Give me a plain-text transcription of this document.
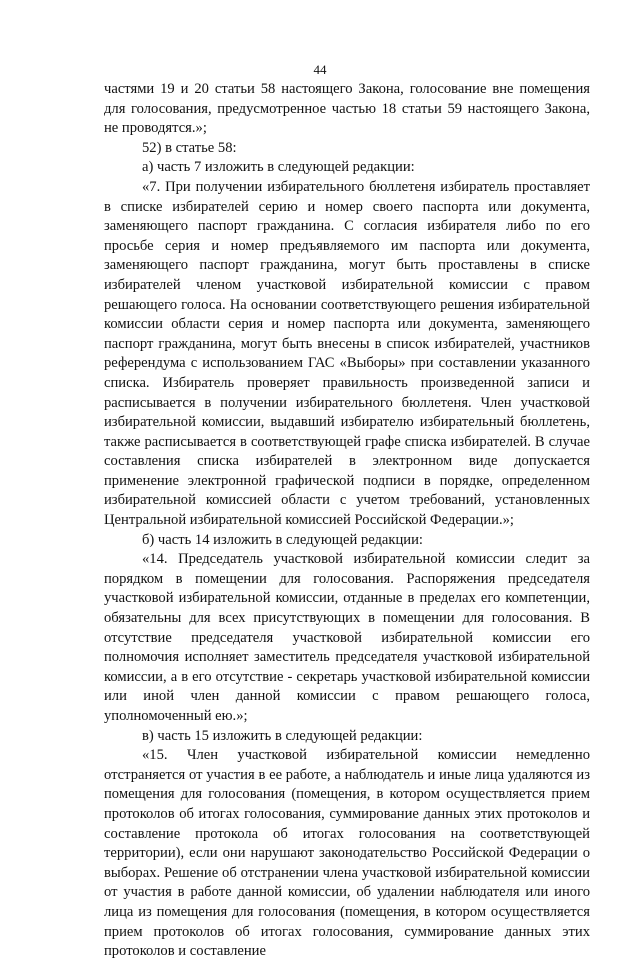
44

частями 19 и 20 статьи 58 настоящего Закона, голосование вне помещения для голосования, предусмотренное частью 18 статьи 59 настоящего Закона, не проводятся.»;

52) в статье 58:

а) часть 7 изложить в следующей редакции:

«7. При получении избирательного бюллетеня избиратель проставляет в списке избирателей серию и номер своего паспорта или документа, заменяющего паспорт гражданина. С согласия избирателя либо по его просьбе серия и номер предъявляемого им паспорта или документа, заменяющего паспорт гражданина, могут быть проставлены в списке избирателей членом участковой избирательной комиссии с правом решающего голоса. На основании соответствующего решения избирательной комиссии области серия и номер паспорта или документа, заменяющего паспорт гражданина, могут быть внесены в список избирателей, участников референдума с использованием ГАС «Выборы» при составлении указанного списка. Избиратель проверяет правильность произведенной записи и расписывается в получении избирательного бюллетеня. Член участковой избирательной комиссии, выдавший избирателю избирательный бюллетень, также расписывается в соответствующей графе списка избирателей. В случае составления списка избирателей в электронном виде допускается применение электронной графической подписи в порядке, определенном избирательной комиссией области с учетом требований, установленных Центральной избирательной комиссией Российской Федерации.»;

б) часть 14 изложить в следующей редакции:

«14. Председатель участковой избирательной комиссии следит за порядком в помещении для голосования. Распоряжения председателя участковой избирательной комиссии, отданные в пределах его компетенции, обязательны для всех присутствующих в помещении для голосования. В отсутствие председателя участковой избирательной комиссии его полномочия исполняет заместитель председателя участковой избирательной комиссии, а в его отсутствие - секретарь участковой избирательной комиссии или иной член данной комиссии с правом решающего голоса, уполномоченный ею.»;

в) часть 15 изложить в следующей редакции:

«15. Член участковой избирательной комиссии немедленно отстраняется от участия в ее работе, а наблюдатель и иные лица удаляются из помещения для голосования (помещения, в котором осуществляется прием протоколов об итогах голосования, суммирование данных этих протоколов и составление протокола об итогах голосования на соответствующей территории), если они нарушают законодательство Российской Федерации о выборах. Решение об отстранении члена участковой избирательной комиссии от участия в работе данной комиссии, об удалении наблюдателя или иного лица из помещения для голосования (помещения, в котором осуществляется прием протоколов об итогах голосования, суммирование данных этих протоколов и составление
